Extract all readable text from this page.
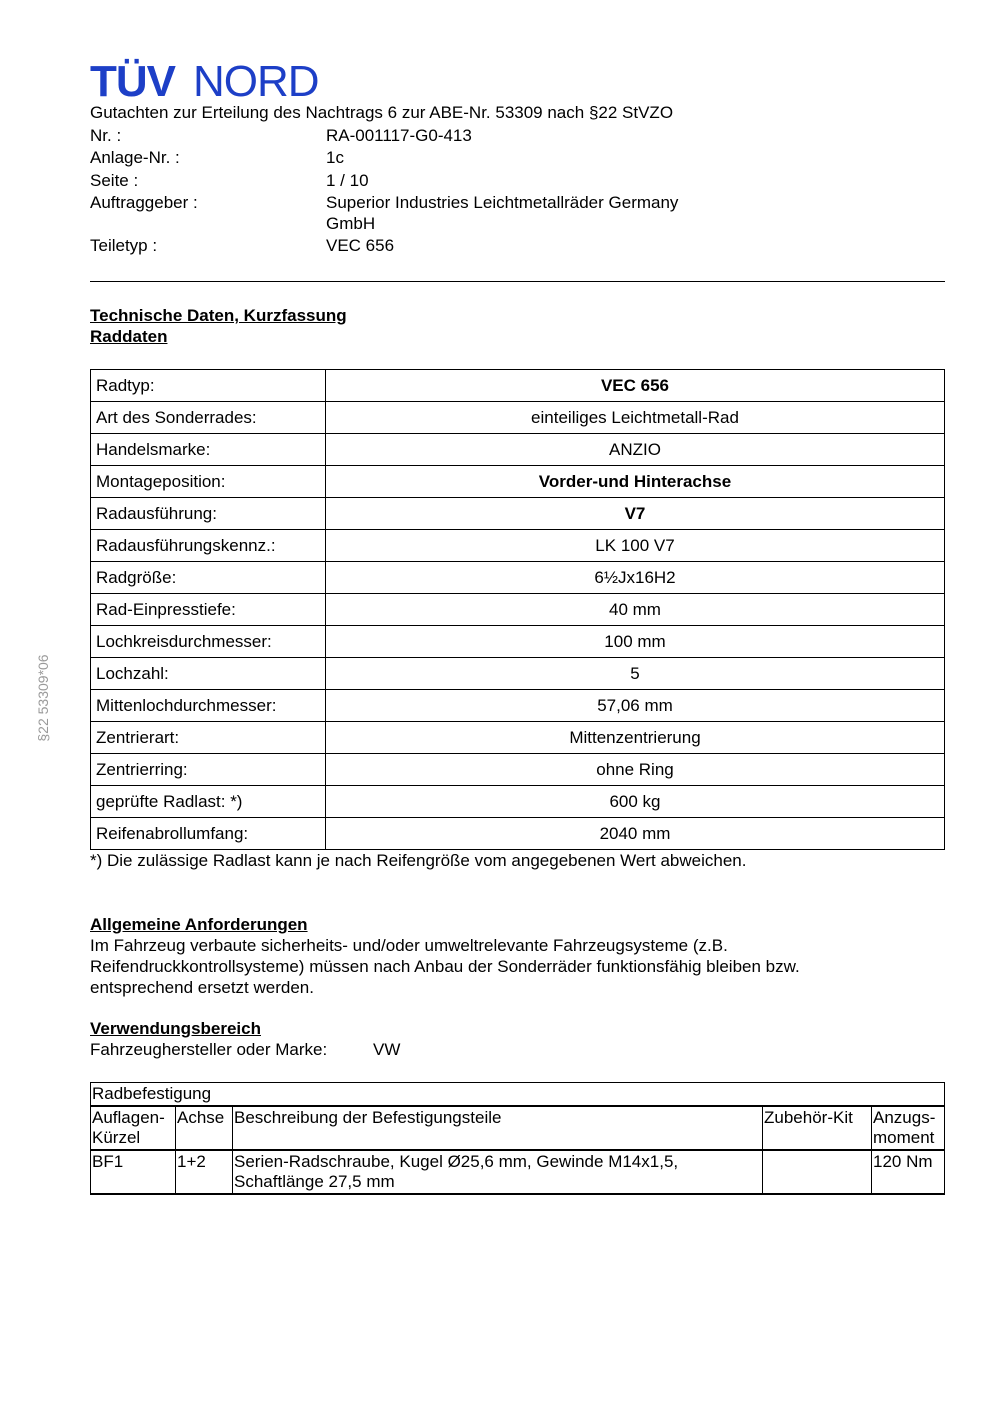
TÜV NORD
Gutachten zur Erteilung des Nachtrags 6 zur ABE-Nr. 53309 nach §22 StVZO
Nr. :	RA-001117-G0-413
Anlage-Nr. :	1c
Seite :	1 / 10
Auftraggeber :	Superior Industries Leichtmetallräder Germany
GmbH
Teiletyp :	VEC 656
Technische Daten, Kurzfassung
Raddaten
Radtyp:	VEC 656
Art des Sonderrades:	einteiliges Leichtmetall-Rad
Handelsmarke:	ANZIO
Montageposition:	Vorder-und Hinterachse
Radausführung:	V7
Radausführungskennz.:	LK 100 V7
Radgröße:	6½Jx16H2
Rad-Einpresstiefe:	40 mm
Lochkreisdurchmesser:	100 mm
Lochzahl:	5
Mittenlochdurchmesser:	57,06 mm
Zentrierart:	Mittenzentrierung
Zentrierring:	ohne Ring
geprüfte Radlast: *)	600 kg
Reifenabrollumfang:	2040 mm
*) Die zulässige Radlast kann je nach Reifengröße vom angegebenen Wert abweichen.
Allgemeine Anforderungen
Im Fahrzeug verbaute sicherheits- und/oder umweltrelevante Fahrzeugsysteme (z.B.
Reifendruckkontrollsysteme) müssen nach Anbau der Sonderräder funktionsfähig bleiben bzw.
entsprechend ersetzt werden.
Verwendungsbereich
Fahrzeughersteller oder Marke:	VW
Radbefestigung				
Auflagen-
Kürzel	Achse	Beschreibung der Befestigungsteile	Zubehör-Kit	Anzugs-
moment
BF1	1+2	Serien-Radschraube, Kugel Ø25,6 mm, Gewinde M14x1,5,
Schaftlänge 27,5 mm		120 Nm
§22 53309*06
